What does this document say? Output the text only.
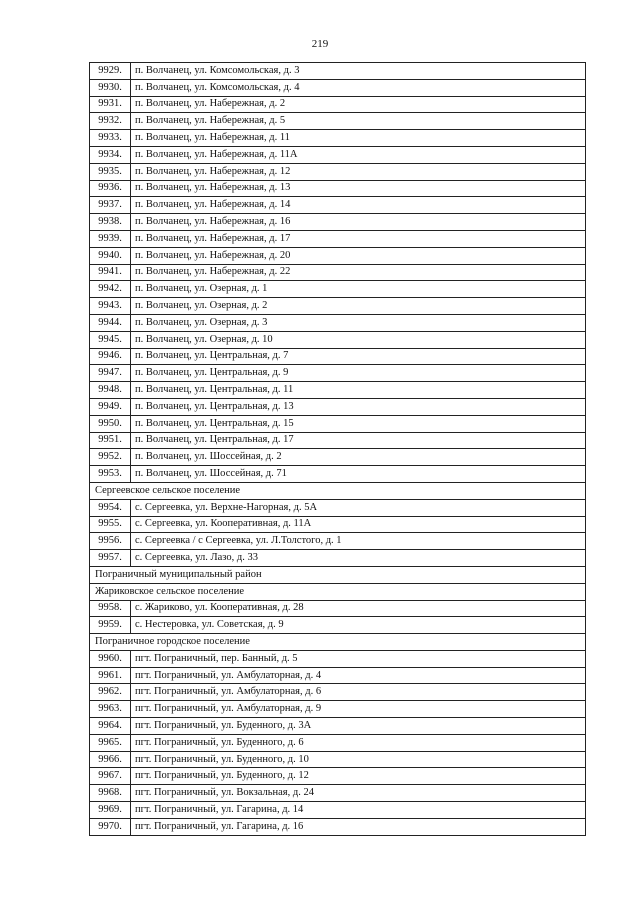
219
9929.	п. Волчанец, ул. Комсомольская, д. 3
9930.	п. Волчанец, ул. Комсомольская, д. 4
9931.	п. Волчанец, ул. Набережная, д. 2
9932.	п. Волчанец, ул. Набережная, д. 5
9933.	п. Волчанец, ул. Набережная, д. 11
9934.	п. Волчанец, ул. Набережная, д. 11А
9935.	п. Волчанец, ул. Набережная, д. 12
9936.	п. Волчанец, ул. Набережная, д. 13
9937.	п. Волчанец, ул. Набережная, д. 14
9938.	п. Волчанец, ул. Набережная, д. 16
9939.	п. Волчанец, ул. Набережная, д. 17
9940.	п. Волчанец, ул. Набережная, д. 20
9941.	п. Волчанец, ул. Набережная, д. 22
9942.	п. Волчанец, ул. Озерная, д. 1
9943.	п. Волчанец, ул. Озерная, д. 2
9944.	п. Волчанец, ул. Озерная, д. 3
9945.	п. Волчанец, ул. Озерная, д. 10
9946.	п. Волчанец, ул. Центральная, д. 7
9947.	п. Волчанец, ул. Центральная, д. 9
9948.	п. Волчанец, ул. Центральная, д. 11
9949.	п. Волчанец, ул. Центральная, д. 13
9950.	п. Волчанец, ул. Центральная, д. 15
9951.	п. Волчанец, ул. Центральная, д. 17
9952.	п. Волчанец, ул. Шоссейная, д. 2
9953.	п. Волчанец, ул. Шоссейная, д. 71
Сергеевское сельское поселение	
9954.	с. Сергеевка, ул. Верхне-Нагорная, д. 5А
9955.	с. Сергеевка, ул. Кооперативная, д. 11А
9956.	с. Сергеевка / с Сергеевка, ул. Л.Толстого, д. 1
9957.	с. Сергеевка, ул. Лазо, д. 33
Пограничный муниципальный район	
Жариковское сельское поселение	
9958.	с. Жариково, ул. Кооперативная, д. 28
9959.	с. Нестеровка, ул. Советская, д. 9
Пограничное городское поселение	
9960.	пгт. Пограничный, пер. Банный, д. 5
9961.	пгт. Пограничный, ул. Амбулаторная, д. 4
9962.	пгт. Пограничный, ул. Амбулаторная, д. 6
9963.	пгт. Пограничный, ул. Амбулаторная, д. 9
9964.	пгт. Пограничный, ул. Буденного, д. 3А
9965.	пгт. Пограничный, ул. Буденного, д. 6
9966.	пгт. Пограничный, ул. Буденного, д. 10
9967.	пгт. Пограничный, ул. Буденного, д. 12
9968.	пгт. Пограничный, ул. Вокзальная, д. 24
9969.	пгт. Пограничный, ул. Гагарина, д. 14
9970.	пгт. Пограничный, ул. Гагарина, д. 16
